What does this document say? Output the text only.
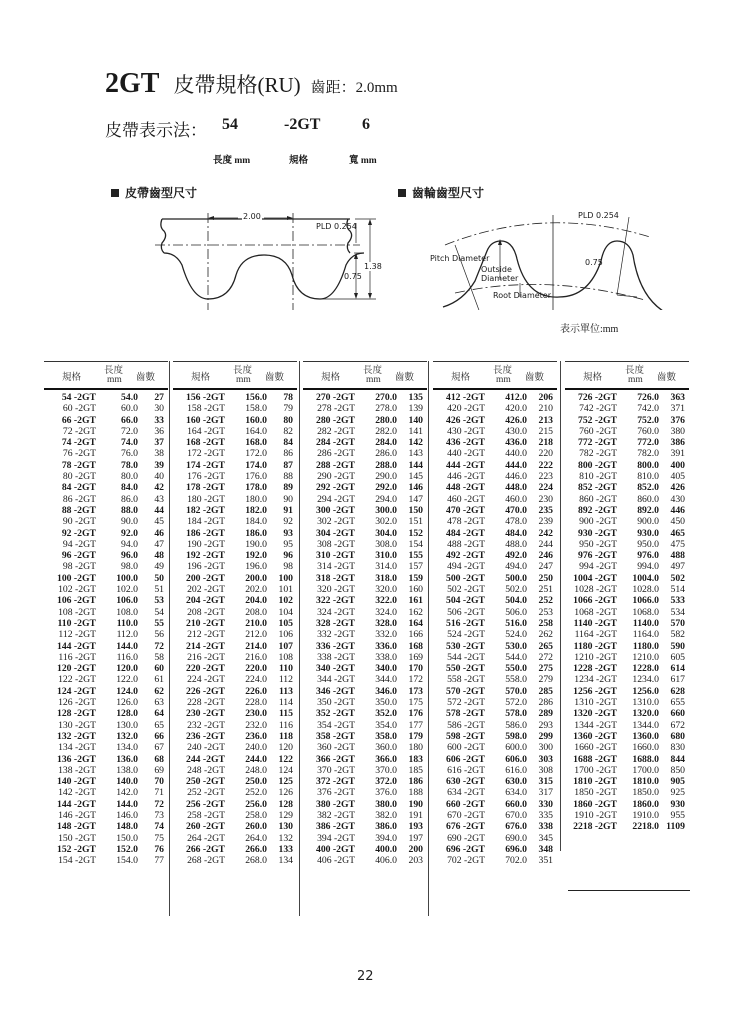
2GT 皮帶規格(RU) 齒距：2.0mm
皮帶表示法： 54	-2GT	6
長度 mm	規格	寬 mm
皮帶齒型尺寸
2.00
PLD 0.254
1.38
0.75
齒輪齒型尺寸
PLD 0.254
Pitch Diameter
Outside
Diameter
Root Diameter
0.75
表示單位:mm
規格
長度
mm 齒數
54 -2GT	54.0	27
60 -2GT	60.0	30
66 -2GT	66.0	33
72 -2GT	72.0	36
74 -2GT	74.0	37
76 -2GT	76.0	38
78 -2GT	78.0	39
80 -2GT	80.0	40
84 -2GT	84.0	42
86 -2GT	86.0	43
88 -2GT	88.0	44
90 -2GT	90.0	45
92 -2GT	92.0	46
94 -2GT	94.0	47
96 -2GT	96.0	48
98 -2GT	98.0	49
100 -2GT	100.0	50
102 -2GT	102.0	51
106 -2GT	106.0	53
108 -2GT	108.0	54
110 -2GT	110.0	55
112 -2GT	112.0	56
144 -2GT	144.0	72
116 -2GT	116.0	58
120 -2GT	120.0	60
122 -2GT	122.0	61
124 -2GT	124.0	62
126 -2GT	126.0	63
128 -2GT	128.0	64
130 -2GT	130.0	65
132 -2GT	132.0	66
134 -2GT	134.0	67
136 -2GT	136.0	68
138 -2GT	138.0	69
140 -2GT	140.0	70
142 -2GT	142.0	71
144 -2GT	144.0	72
146 -2GT	146.0	73
148 -2GT	148.0	74
150 -2GT	150.0	75
152 -2GT	152.0	76
154 -2GT	154.0	77
規格
長度
mm 齒數
156 -2GT	156.0	78
158 -2GT	158.0	79
160 -2GT	160.0	80
164 -2GT	164.0	82
168 -2GT	168.0	84
172 -2GT	172.0	86
174 -2GT	174.0	87
176 -2GT	176.0	88
178 -2GT	178.0	89
180 -2GT	180.0	90
182 -2GT	182.0	91
184 -2GT	184.0	92
186 -2GT	186.0	93
190 -2GT	190.0	95
192 -2GT	192.0	96
196 -2GT	196.0	98
200 -2GT	200.0	100
202 -2GT	202.0	101
204 -2GT	204.0	102
208 -2GT	208.0	104
210 -2GT	210.0	105
212 -2GT	212.0	106
214 -2GT	214.0	107
216 -2GT	216.0	108
220 -2GT	220.0	110
224 -2GT	224.0	112
226 -2GT	226.0	113
228 -2GT	228.0	114
230 -2GT	230.0	115
232 -2GT	232.0	116
236 -2GT	236.0	118
240 -2GT	240.0	120
244 -2GT	244.0	122
248 -2GT	248.0	124
250 -2GT	250.0	125
252 -2GT	252.0	126
256 -2GT	256.0	128
258 -2GT	258.0	129
260 -2GT	260.0	130
264 -2GT	264.0	132
266 -2GT	266.0	133
268 -2GT	268.0	134
規格
長度
mm 齒數
270 -2GT	270.0	135
278 -2GT	278.0	139
280 -2GT	280.0	140
282 -2GT	282.0	141
284 -2GT	284.0	142
286 -2GT	286.0	143
288 -2GT	288.0	144
290 -2GT	290.0	145
292 -2GT	292.0	146
294 -2GT	294.0	147
300 -2GT	300.0	150
302 -2GT	302.0	151
304 -2GT	304.0	152
308 -2GT	308.0	154
310 -2GT	310.0	155
314 -2GT	314.0	157
318 -2GT	318.0	159
320 -2GT	320.0	160
322 -2GT	322.0	161
324 -2GT	324.0	162
328 -2GT	328.0	164
332 -2GT	332.0	166
336 -2GT	336.0	168
338 -2GT	338.0	169
340 -2GT	340.0	170
344 -2GT	344.0	172
346 -2GT	346.0	173
350 -2GT	350.0	175
352 -2GT	352.0	176
354 -2GT	354.0	177
358 -2GT	358.0	179
360 -2GT	360.0	180
366 -2GT	366.0	183
370 -2GT	370.0	185
372 -2GT	372.0	186
376 -2GT	376.0	188
380 -2GT	380.0	190
382 -2GT	382.0	191
386 -2GT	386.0	193
394 -2GT	394.0	197
400 -2GT	400.0	200
406 -2GT	406.0	203
規格
長度
mm 齒數
412 -2GT	412.0	206
420 -2GT	420.0	210
426 -2GT	426.0	213
430 -2GT	430.0	215
436 -2GT	436.0	218
440 -2GT	440.0	220
444 -2GT	444.0	222
446 -2GT	446.0	223
448 -2GT	448.0	224
460 -2GT	460.0	230
470 -2GT	470.0	235
478 -2GT	478.0	239
484 -2GT	484.0	242
488 -2GT	488.0	244
492 -2GT	492.0	246
494 -2GT	494.0	247
500 -2GT	500.0	250
502 -2GT	502.0	251
504 -2GT	504.0	252
506 -2GT	506.0	253
516 -2GT	516.0	258
524 -2GT	524.0	262
530 -2GT	530.0	265
544 -2GT	544.0	272
550 -2GT	550.0	275
558 -2GT	558.0	279
570 -2GT	570.0	285
572 -2GT	572.0	286
578 -2GT	578.0	289
586 -2GT	586.0	293
598 -2GT	598.0	299
600 -2GT	600.0	300
606 -2GT	606.0	303
616 -2GT	616.0	308
630 -2GT	630.0	315
634 -2GT	634.0	317
660 -2GT	660.0	330
670 -2GT	670.0	335
676 -2GT	676.0	338
690 -2GT	690.0	345
696 -2GT	696.0	348
702 -2GT	702.0	351
規格
長度
mm 齒數
726 -2GT	726.0	363
742 -2GT	742.0	371
752 -2GT	752.0	376
760 -2GT	760.0	380
772 -2GT	772.0	386
782 -2GT	782.0	391
800 -2GT	800.0	400
810 -2GT	810.0	405
852 -2GT	852.0	426
860 -2GT	860.0	430
892 -2GT	892.0	446
900 -2GT	900.0	450
930 -2GT	930.0	465
950 -2GT	950.0	475
976 -2GT	976.0	488
994 -2GT	994.0	497
1004 -2GT	1004.0	502
1028 -2GT	1028.0	514
1066 -2GT	1066.0	533
1068 -2GT	1068.0	534
1140 -2GT	1140.0	570
1164 -2GT	1164.0	582
1180 -2GT	1180.0	590
1210 -2GT	1210.0	605
1228 -2GT	1228.0	614
1234 -2GT	1234.0	617
1256 -2GT	1256.0	628
1310 -2GT	1310.0	655
1320 -2GT	1320.0	660
1344 -2GT	1344.0	672
1360 -2GT	1360.0	680
1660 -2GT	1660.0	830
1688 -2GT	1688.0	844
1700 -2GT	1700.0	850
1810 -2GT	1810.0	905
1850 -2GT	1850.0	925
1860 -2GT	1860.0	930
1910 -2GT	1910.0	955
2218 -2GT	2218.0 1109
22
